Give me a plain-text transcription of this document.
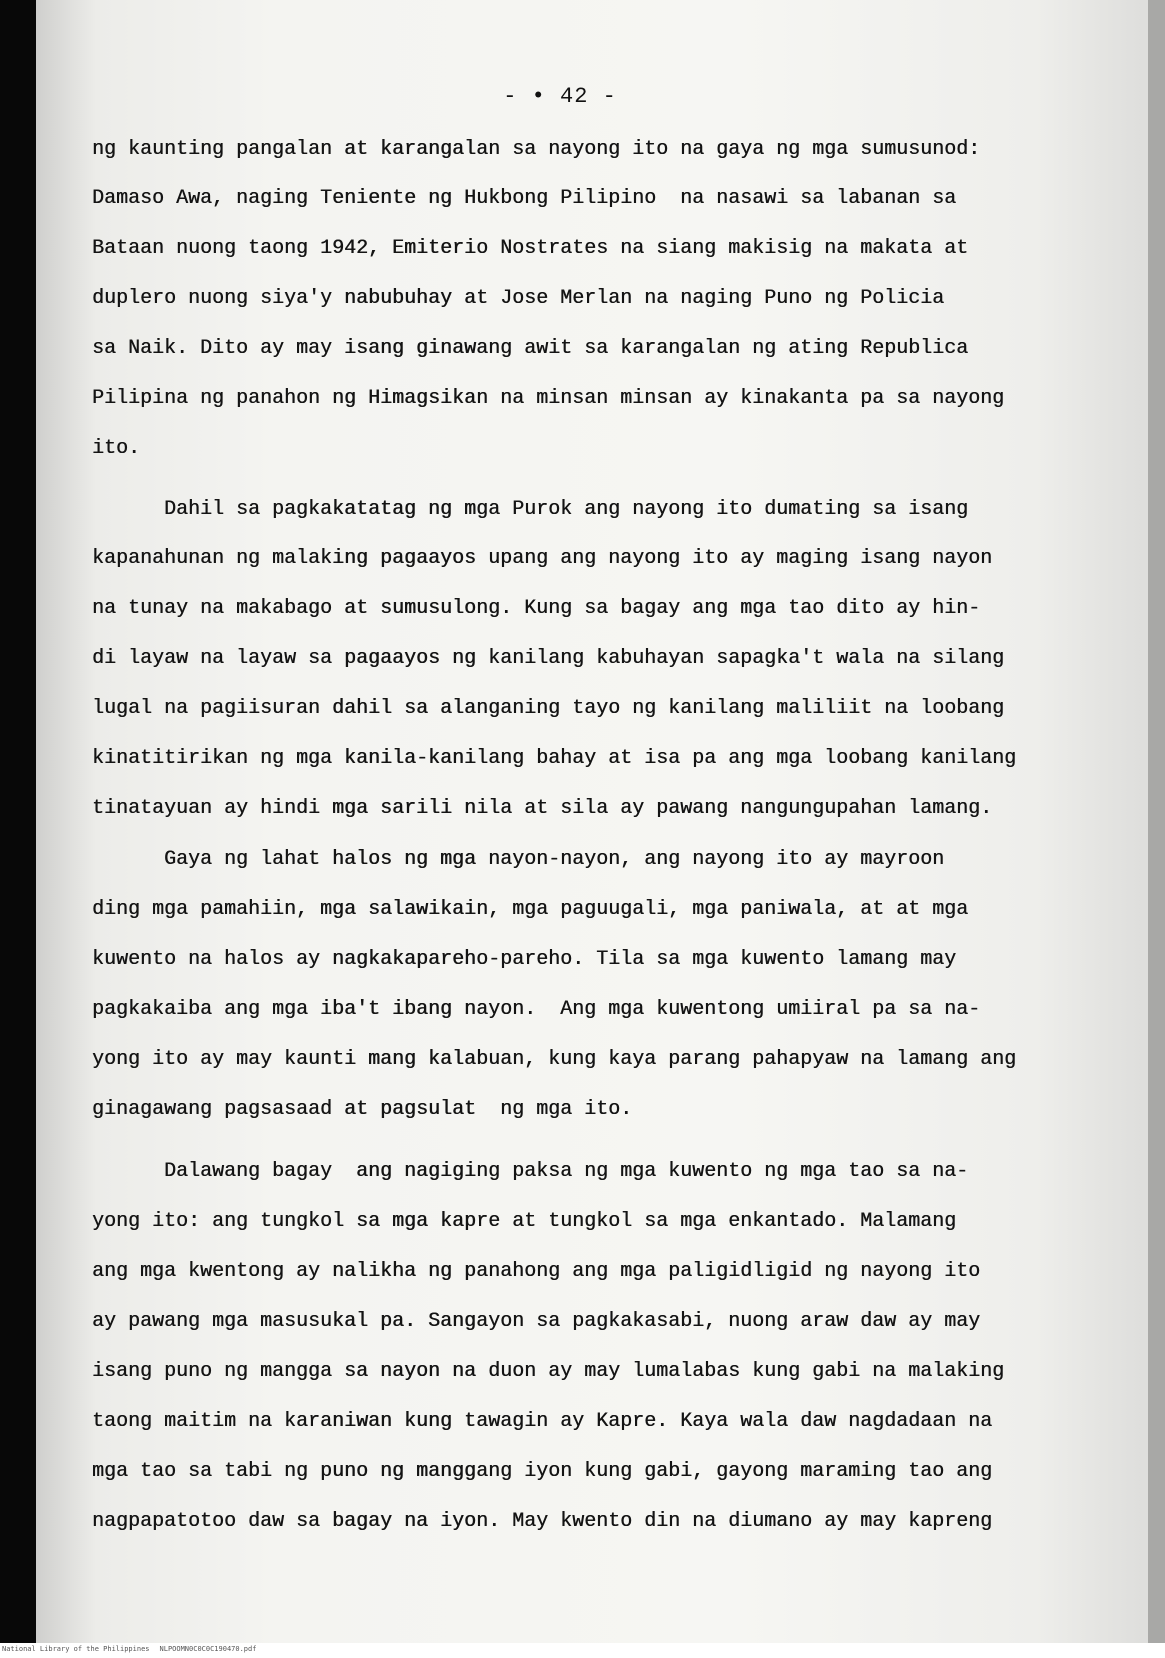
- • 42 -
ng kaunting pangalan at karangalan sa nayong ito na gaya ng mga sumusunod:
Damaso Awa, naging Teniente ng Hukbong Pilipino  na nasawi sa labanan sa
Bataan nuong taong 1942, Emiterio Nostrates na siang makisig na makata at
duplero nuong siya'y nabubuhay at Jose Merlan na naging Puno ng Policia
sa Naik. Dito ay may isang ginawang awit sa karangalan ng ating Republica
Pilipina ng panahon ng Himagsikan na minsan minsan ay kinakanta pa sa nayong
ito.
Dahil sa pagkakatatag ng mga Purok ang nayong ito dumating sa isang
kapanahunan ng malaking pagaayos upang ang nayong ito ay maging isang nayon
na tunay na makabago at sumusulong. Kung sa bagay ang mga tao dito ay hin-
di layaw na layaw sa pagaayos ng kanilang kabuhayan sapagka't wala na silang
lugal na pagiisuran dahil sa alanganing tayo ng kanilang maliliit na loobang
kinatitirikan ng mga kanila-kanilang bahay at isa pa ang mga loobang kanilang
tinatayuan ay hindi mga sarili nila at sila ay pawang nangungupahan lamang.
Gaya ng lahat halos ng mga nayon-nayon, ang nayong ito ay mayroon
ding mga pamahiin, mga salawikain, mga paguugali, mga paniwala, at at mga
kuwento na halos ay nagkakapareho-pareho. Tila sa mga kuwento lamang may
pagkakaiba ang mga iba't ibang nayon.  Ang mga kuwentong umiiral pa sa na-
yong ito ay may kaunti mang kalabuan, kung kaya parang pahapyaw na lamang ang
ginagawang pagsasaad at pagsulat  ng mga ito.
Dalawang bagay  ang nagiging paksa ng mga kuwento ng mga tao sa na-
yong ito: ang tungkol sa mga kapre at tungkol sa mga enkantado. Malamang
ang mga kwentong ay nalikha ng panahong ang mga paligidligid ng nayong ito
ay pawang mga masusukal pa. Sangayon sa pagkakasabi, nuong araw daw ay may
isang puno ng mangga sa nayon na duon ay may lumalabas kung gabi na malaking
taong maitim na karaniwan kung tawagin ay Kapre. Kaya wala daw nagdadaan na
mga tao sa tabi ng puno ng manggang iyon kung gabi, gayong maraming tao ang
nagpapatotoo daw sa bagay na iyon. May kwento din na diumano ay may kapreng
National Library of the Philippines NLPOOMN0C0C0C190470.pdf
